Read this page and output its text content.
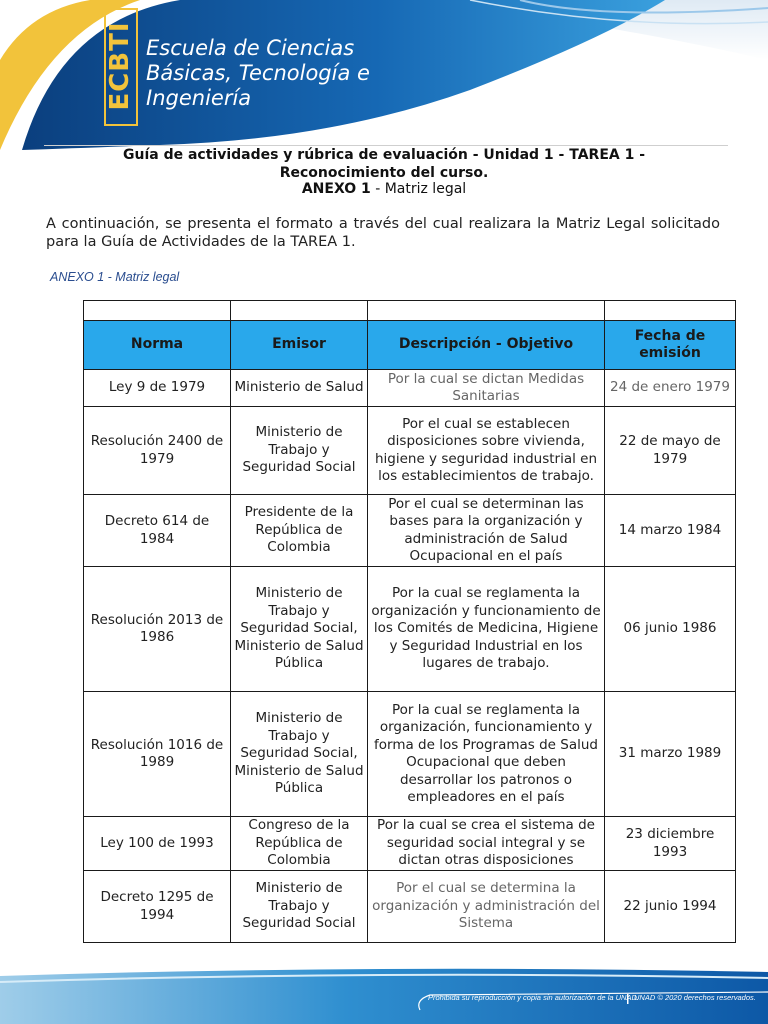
ECBTI Escuela de Ciencias
Básicas, Tecnología e
Ingeniería
Guía de actividades y rúbrica de evaluación - Unidad 1 - TAREA 1 -
Reconocimiento del curso.
ANEXO 1 - Matriz legal
A continuación, se presenta el formato a través del cual realizara la Matriz Legal solicitado para la Guía de Actividades de la TAREA 1.
ANEXO 1 - Matriz legal

Norma	Emisor	Descripción - Objetivo	Fecha de emisión
Ley 9 de 1979	Ministerio de Salud	Por la cual se dictan Medidas Sanitarias	24 de enero 1979
Resolución 2400 de 1979	Ministerio de Trabajo y Seguridad Social	Por el cual se establecen disposiciones sobre vivienda, higiene y seguridad industrial en los establecimientos de trabajo.	22 de mayo de 1979
Decreto 614 de 1984	Presidente de la República de Colombia	Por el cual se determinan las bases para la organización y administración de Salud Ocupacional en el país	14 marzo 1984
Resolución 2013 de 1986	Ministerio de Trabajo y Seguridad Social, Ministerio de Salud Pública	Por la cual se reglamenta la organización y funcionamiento de los Comités de Medicina, Higiene y Seguridad Industrial en los lugares de trabajo.	06 junio 1986
Resolución 1016 de 1989	Ministerio de Trabajo y Seguridad Social, Ministerio de Salud Pública	Por la cual se reglamenta la organización, funcionamiento y forma de los Programas de Salud Ocupacional que deben desarrollar los patronos o empleadores en el país	31 marzo 1989
Ley 100 de 1993	Congreso de la República de Colombia	Por la cual se crea el sistema de seguridad social integral y se dictan otras disposiciones	23 diciembre 1993
Decreto 1295 de 1994	Ministerio de Trabajo y Seguridad Social	Por el cual se determina la organización y administración del Sistema	22 junio 1994
Prohibida su reproducción y copia sin autorización de la UNAD.
UNAD © 2020 derechos reservados.
